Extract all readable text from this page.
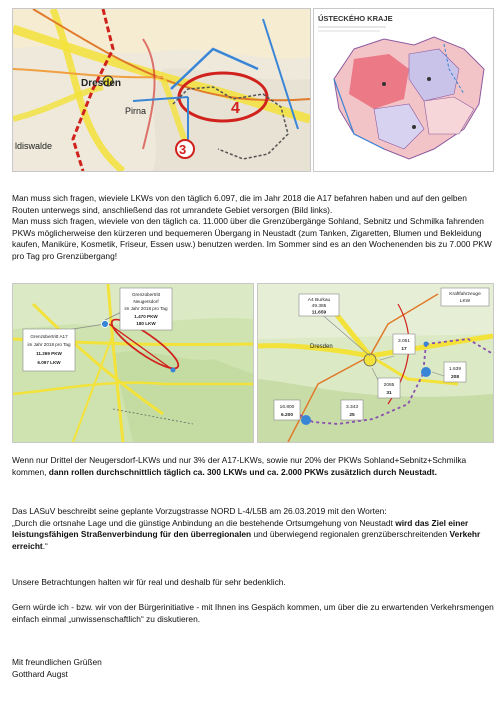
Dresden
Pirna
ldiswalde
4
3
ÚSTECKÉHO KRAJE

Man muss sich fragen, wieviele LKWs von den täglich 6.097, die im Jahr 2018 die A17 befahren haben und auf den gelben Routen unterwegs sind, anschließend das rot umrandete Gebiet versorgen (Bild links).

Man muss sich fragen, wieviele von den täglich ca. 11.000 über die Grenzübergänge Sohland, Sebnitz und Schmilka fahrenden PKWs möglicherweise den kürzeren und bequemeren Übergang in Neustadt (zum Tanken, Zigaretten, Blumen und Bekleidung kaufen, Maniküre, Kosmetik, Friseur, Essen usw.) benutzen werden. Im Sommer sind es an den Wochenenden bis zu 7.000 PKW pro Tag pro Grenzübergang!

Grenzübertritt
Neugersdorf
im Jahr 2018 pro Tag
1.470 PKW
180 LKW
Grenzübertritt A17
im Jahr 2018 pro Tag
11.269 PKW
6.097 LKW
Kraftfahrzeuge
LKW
Dresden
A4 Burkau
49.385
11.659
3.051
17
2085
31
1.639
208
3.343
25
16.800
6.200

Wenn nur Drittel der Neugersdorf-LKWs und nur 3% der A17-LKWs, sowie nur 20% der PKWs Sohland+Sebnitz+Schmilka kommen, dann rollen durchschnittlich täglich ca. 300 LKWs und ca. 2.000 PKWs zusätzlich durch Neustadt.

Das LASuV beschreibt seine geplante Vorzugstrasse NORD L-4/L5B am 26.03.2019 mit den Worten:

„Durch die ortsnahe Lage und die günstige Anbindung an die bestehende Ortsumgehung von Neustadt wird das Ziel einer leistungsfähigen Straßenverbindung für den überregionalen und überwiegend regionalen grenzüberschreitenden Verkehr erreicht.“

Unsere Betrachtungen halten wir für real und deshalb für sehr bedenklich.

Gern würde ich - bzw. wir von der Bürgerinitiative - mit Ihnen ins Gespäch kommen, um über die zu erwartenden Verkehrsmengen einfach einmal „unwissenschaftlich“ zu diskutieren.

Mit freundlichen Grüßen

Gotthard Augst
